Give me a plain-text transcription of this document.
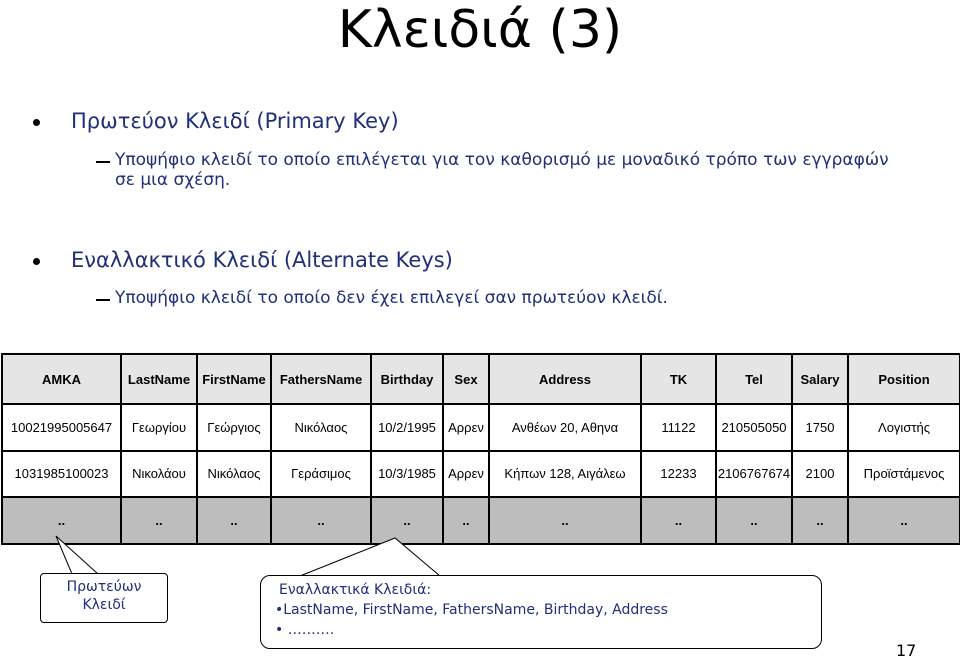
Κλειδιά (3)
Πρωτεύον Κλειδί (Primary Key)
Υποψήφιο κλειδί το οποίο επιλέγεται για τον καθορισμό με μοναδικό τρόπο των εγγραφών
σε μια σχέση.
Εναλλακτικό Κλειδί (Alternate Keys)
Υποψήφιο κλειδί το οποίο δεν έχει επιλεγεί σαν πρωτεύον κλειδί.
AMKA	LastName	FirstName	FathersName	Birthday	Sex	Address	TK	Tel	Salary	Position
10021995005647	Γεωργίου	Γεώργιος	Νικόλαος	10/2/1995	Αρρεν	Ανθέων 20, Αθηνα	11122	210505050	1750	Λογιστής
1031985100023	Νικολάου	Νικόλαος	Γεράσιμος	10/3/1985	Αρρεν	Κήπων 128, Αιγάλεω	12233	2106767674	2100	Προϊστάμενος
..	..	..	..	..	..	..	..	..	..	..
Πρωτεύων
Κλειδί
Εναλλακτικά Κλειδιά:
•LastName, FirstName, FathersName, Birthday, Address
• ……….
17
